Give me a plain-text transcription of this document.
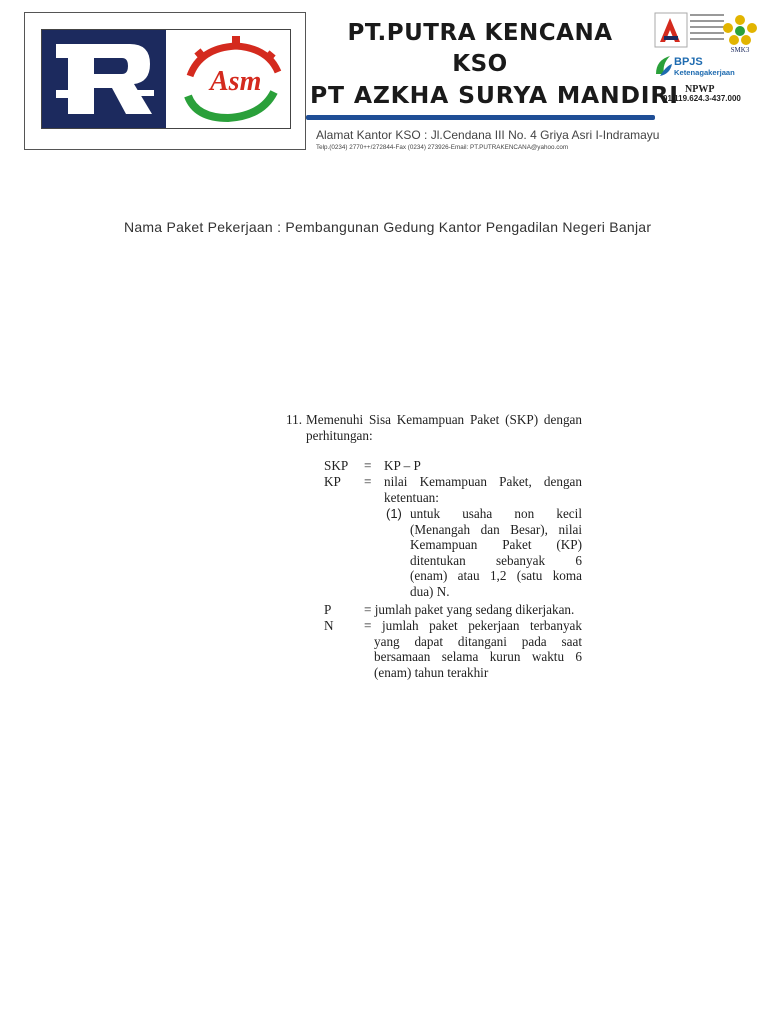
Asm
PT.PUTRA KENCANA
KSO
PT AZKHA SURYA MANDIRI
Alamat Kantor KSO : Jl.Cendana III No. 4 Griya Asri I-Indramayu
Telp.(0234) 2770++/272844-Fax (0234) 273926-Email: PT.PUTRAKENCANA@yahoo.com
SMK3
BPJS
Ketenagakerjaan
NPWP
01.119.624.3-437.000
Nama Paket Pekerjaan : Pembangunan Gedung Kantor Pengadilan Negeri Banjar
11. Memenuhi Sisa Kemampuan Paket (SKP) dengan
perhitungan:
SKP = KP – P
KP = nilai Kemampuan Paket, dengan
ketentuan:
(1) untuk usaha non kecil
(Menangah dan Besar), nilai
Kemampuan Paket (KP)
ditentukan sebanyak 6
(enam) atau 1,2 (satu koma
dua) N.
P = jumlah paket yang sedang dikerjakan.
N = jumlah paket pekerjaan terbanyak
yang dapat ditangani pada saat
bersamaan selama kurun waktu 6
(enam) tahun terakhir
